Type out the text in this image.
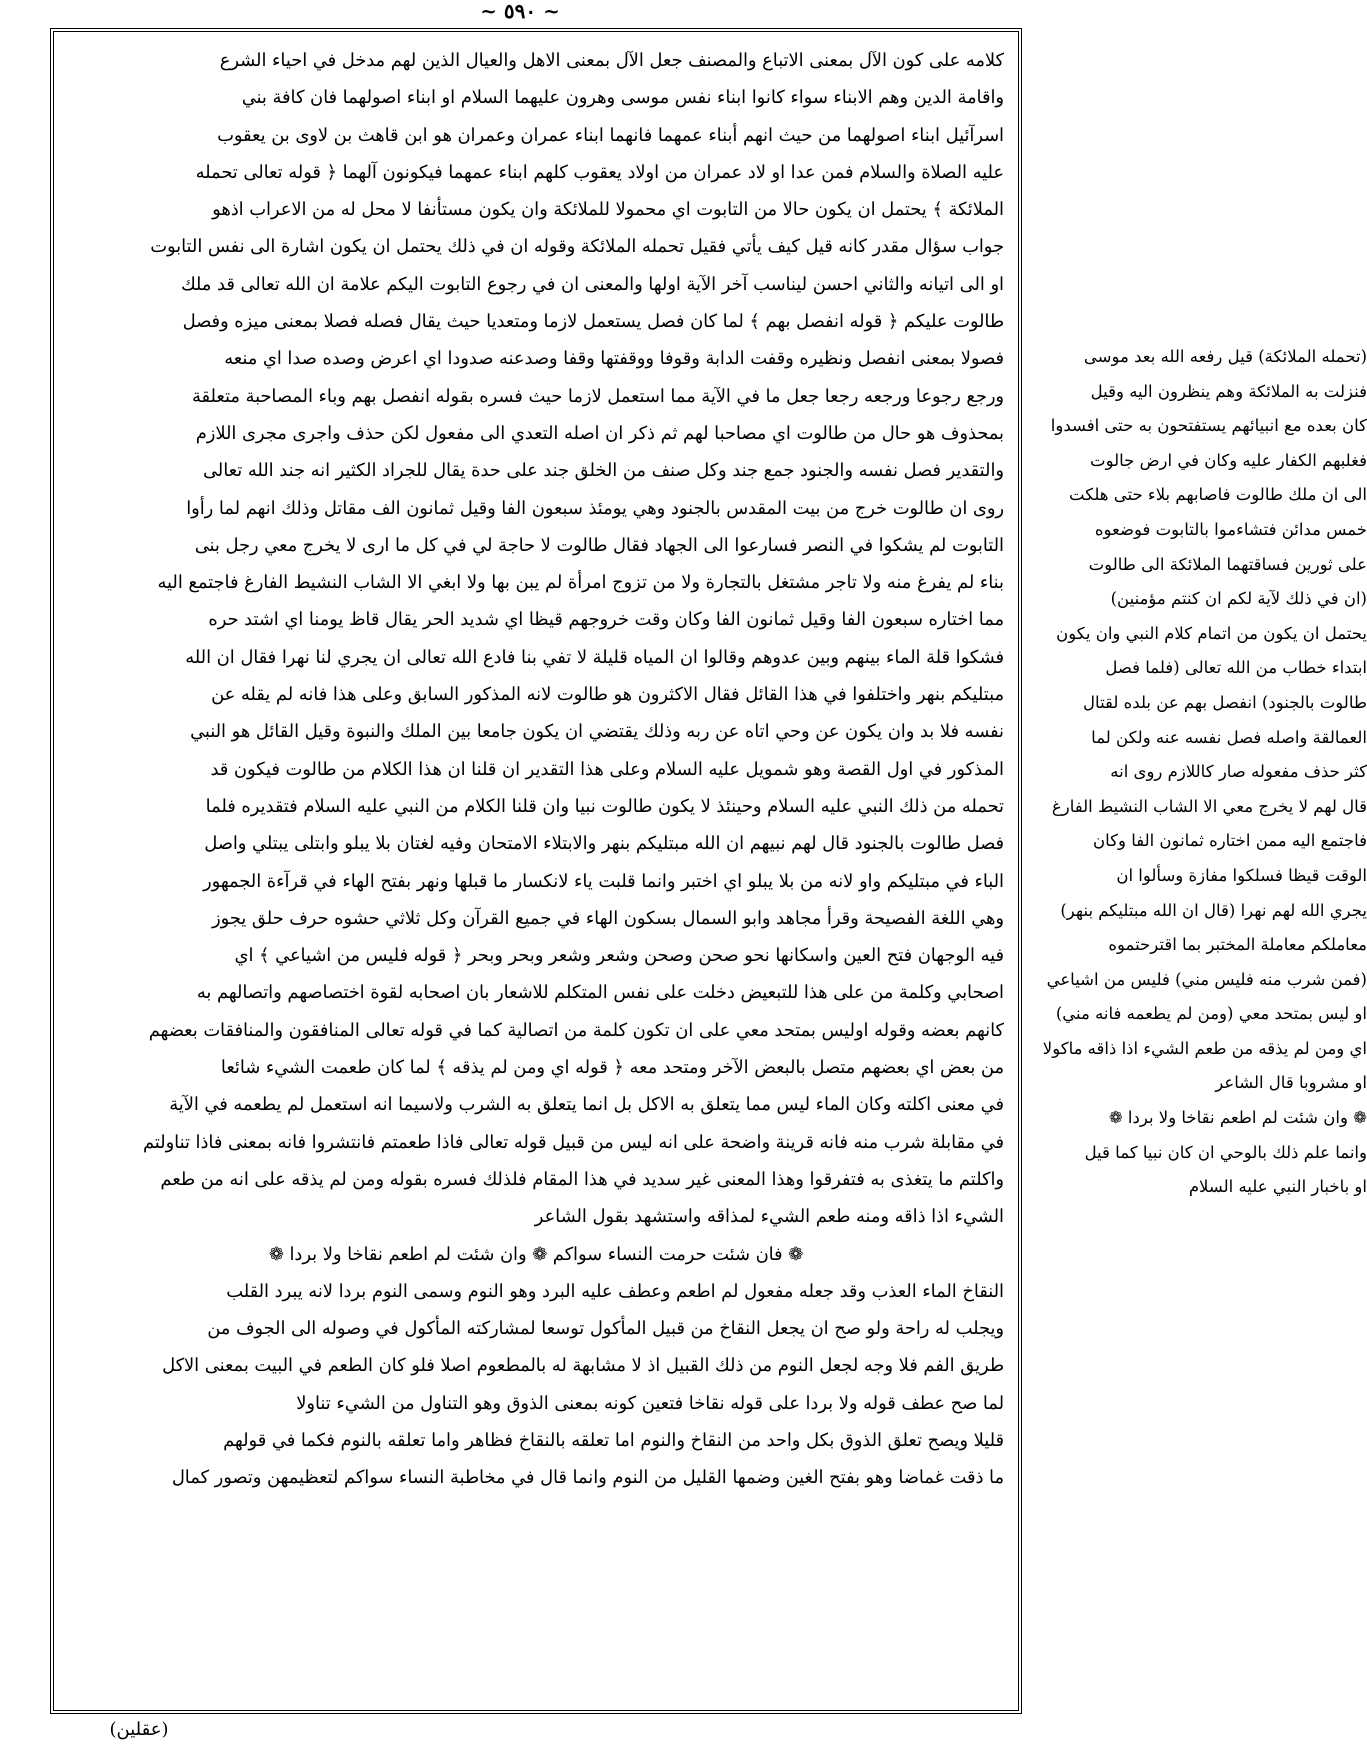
~ ٥٩٠ ~

كلامه على كون الآل بمعنى الاتباع والمصنف جعل الآل بمعنى الاهل والعيال الذين لهم مدخل في احياء الشرع

واقامة الدين وهم الابناء سواء كانوا ابناء نفس موسى وهرون عليهما السلام او ابناء اصولهما فان كافة بني

اسرآئيل ابناء اصولهما من حيث انهم أبناء عمهما فانهما ابناء عمران وعمران هو ابن قاهث بن لاوى بن يعقوب

عليه الصلاة والسلام فمن عدا او لاد عمران من اولاد يعقوب كلهم ابناء عمهما فيكونون آلهما ﴿ قوله تعالى تحمله

الملائكة ﴾ يحتمل ان يكون حالا من التابوت اي محمولا للملائكة وان يكون مستأنفا لا محل له من الاعراب اذهو

جواب سؤال مقدر كانه قيل كيف يأتي فقيل تحمله الملائكة وقوله ان في ذلك يحتمل ان يكون اشارة الى نفس التابوت

او الى اتيانه والثاني احسن ليناسب آخر الآية اولها والمعنى ان في رجوع التابوت اليكم علامة ان الله تعالى قد ملك

طالوت عليكم ﴿ قوله انفصل بهم ﴾ لما كان فصل يستعمل لازما ومتعديا حيث يقال فصله فصلا بمعنى ميزه وفصل

فصولا بمعنى انفصل ونظيره وقفت الدابة وقوفا ووقفتها وقفا وصدعنه صدودا اي اعرض وصده صدا اي منعه

ورجع رجوعا ورجعه رجعا جعل ما في الآية مما استعمل لازما حيث فسره بقوله انفصل بهم وباء المصاحبة متعلقة

بمحذوف هو حال من طالوت اي مصاحبا لهم ثم ذكر ان اصله التعدي الى مفعول لكن حذف واجرى مجرى اللازم

والتقدير فصل نفسه والجنود جمع جند وكل صنف من الخلق جند على حدة يقال للجراد الكثير انه جند الله تعالى

روى ان طالوت خرج من بيت المقدس بالجنود وهي يومئذ سبعون الفا وقيل ثمانون الف مقاتل وذلك انهم لما رأوا

التابوت لم يشكوا في النصر فسارعوا الى الجهاد فقال طالوت لا حاجة لي في كل ما ارى لا يخرج معي رجل بنى

بناء لم يفرغ منه ولا تاجر مشتغل بالتجارة ولا من تزوج امرأة لم يبن بها ولا ابغي الا الشاب النشيط الفارغ فاجتمع اليه

مما اختاره سبعون الفا وقيل ثمانون الفا وكان وقت خروجهم قيظا اي شديد الحر يقال قاظ يومنا اي اشتد حره

فشكوا قلة الماء بينهم وبين عدوهم وقالوا ان المياه قليلة لا تفي بنا فادع الله تعالى ان يجري لنا نهرا فقال ان الله

مبتليكم بنهر واختلفوا في هذا القائل فقال الاكثرون هو طالوت لانه المذكور السابق وعلى هذا فانه لم يقله عن

نفسه فلا بد وان يكون عن وحي اتاه عن ربه وذلك يقتضي ان يكون جامعا بين الملك والنبوة وقيل القائل هو النبي

المذكور في اول القصة وهو شمويل عليه السلام وعلى هذا التقدير ان قلنا ان هذا الكلام من طالوت فيكون قد

تحمله من ذلك النبي عليه السلام وحينئذ لا يكون طالوت نبيا وان قلنا الكلام من النبي عليه السلام فتقديره فلما

فصل طالوت بالجنود قال لهم نبيهم ان الله مبتليكم بنهر والابتلاء الامتحان وفيه لغتان بلا يبلو وابتلى يبتلي واصل

الباء في مبتليكم واو لانه من بلا يبلو اي اختبر وانما قلبت ياء لانكسار ما قبلها ونهر بفتح الهاء في قرآءة الجمهور

وهي اللغة الفصيحة وقرأ مجاهد وابو السمال بسكون الهاء في جميع القرآن وكل ثلاثي حشوه حرف حلق يجوز

فيه الوجهان فتح العين واسكانها نحو صحن وصحن وشعر وشعر وبحر وبحر ﴿ قوله فليس من اشياعي ﴾ اي

اصحابي وكلمة من على هذا للتبعيض دخلت على نفس المتكلم للاشعار بان اصحابه لقوة اختصاصهم واتصالهم به

كانهم بعضه وقوله اوليس بمتحد معي على ان تكون كلمة من اتصالية كما في قوله تعالى المنافقون والمنافقات بعضهم

من بعض اي بعضهم متصل بالبعض الآخر ومتحد معه ﴿ قوله اي ومن لم يذقه ﴾ لما كان طعمت الشيء شائعا

في معنى اكلته وكان الماء ليس مما يتعلق به الاكل بل انما يتعلق به الشرب ولاسيما انه استعمل لم يطعمه في الآية

في مقابلة شرب منه فانه قرينة واضحة على انه ليس من قبيل قوله تعالى فاذا طعمتم فانتشروا فانه بمعنى فاذا تناولتم

واكلتم ما يتغذى به فتفرقوا وهذا المعنى غير سديد في هذا المقام فلذلك فسره بقوله ومن لم يذقه على انه من طعم

الشيء اذا ذاقه ومنه طعم الشيء لمذاقه واستشهد بقول الشاعر

❁ فان شئت حرمت النساء سواكم ❁ وان شئت لم اطعم نقاخا ولا بردا ❁

النقاخ الماء العذب وقد جعله مفعول لم اطعم وعطف عليه البرد وهو النوم وسمى النوم بردا لانه يبرد القلب

ويجلب له راحة ولو صح ان يجعل النقاخ من قبيل المأكول توسعا لمشاركته المأكول في وصوله الى الجوف من

طريق الفم فلا وجه لجعل النوم من ذلك القبيل اذ لا مشابهة له بالمطعوم اصلا فلو كان الطعم في البيت بمعنى الاكل

لما صح عطف قوله ولا بردا على قوله نقاخا فتعين كونه بمعنى الذوق وهو التناول من الشيء تناولا

قليلا ويصح تعلق الذوق بكل واحد من النقاخ والنوم اما تعلقه بالنقاخ فظاهر واما تعلقه بالنوم فكما في قولهم

ما ذقت غماضا وهو بفتح الغين وضمها القليل من النوم وانما قال في مخاطبة النساء سواكم لتعظيمهن وتصور كمال

(تحمله الملائكة) قيل رفعه الله بعد موسى

فنزلت به الملائكة وهم ينظرون اليه وقيل

كان بعده مع انبيائهم يستفتحون به حتى افسدوا

فغلبهم الكفار عليه وكان في ارض جالوت

الى ان ملك طالوت فاصابهم بلاء حتى هلكت

خمس مدائن فتشاءموا بالتابوت فوضعوه

على ثورين فساقتهما الملائكة الى طالوت

(ان في ذلك لآية لكم ان كنتم مؤمنين)

يحتمل ان يكون من اتمام كلام النبي وان يكون

ابتداء خطاب من الله تعالى (فلما فصل

طالوت بالجنود) انفصل بهم عن بلده لقتال

العمالقة واصله فصل نفسه عنه ولكن لما

كثر حذف مفعوله صار كاللازم روى انه

قال لهم لا يخرج معي الا الشاب النشيط الفارغ

فاجتمع اليه ممن اختاره ثمانون الفا وكان

الوقت قيظا فسلكوا مفازة وسألوا ان

يجري الله لهم نهرا (قال ان الله مبتليكم بنهر)

معاملكم معاملة المختبر بما اقترحتموه

(فمن شرب منه فليس مني) فليس من اشياعي

او ليس بمتحد معي (ومن لم يطعمه فانه مني)

اي ومن لم يذقه من طعم الشيء اذا ذاقه ماكولا

او مشروبا قال الشاعر

❁ وان شئت لم اطعم نقاخا ولا بردا ❁

وانما علم ذلك بالوحي ان كان نبيا كما قيل

او باخبار النبي عليه السلام

(عقلين)
